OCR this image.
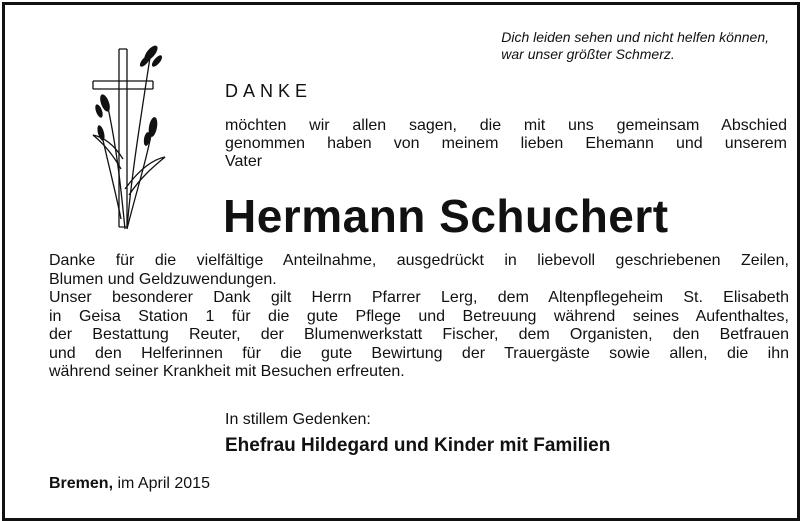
Dich leiden sehen und nicht helfen können,
war unser größter Schmerz.
DANKE
möchten wir allen sagen, die mit uns gemeinsam Abschied
genommen haben von meinem lieben Ehemann und unserem
Vater
Hermann Schuchert
Danke für die vielfältige Anteilnahme, ausgedrückt in liebevoll geschriebenen Zeilen,
Blumen und Geldzuwendungen.
Unser besonderer Dank gilt Herrn Pfarrer Lerg, dem Altenpflegeheim St. Elisabeth
in Geisa Station 1 für die gute Pflege und Betreuung während seines Aufenthaltes,
der Bestattung Reuter, der Blumenwerkstatt Fischer, dem Organisten, den Betfrauen
und den Helferinnen für die gute Bewirtung der Trauergäste sowie allen, die ihn
während seiner Krankheit mit Besuchen erfreuten.
In stillem Gedenken:
Ehefrau Hildegard und Kinder mit Familien
Bremen, im April 2015
